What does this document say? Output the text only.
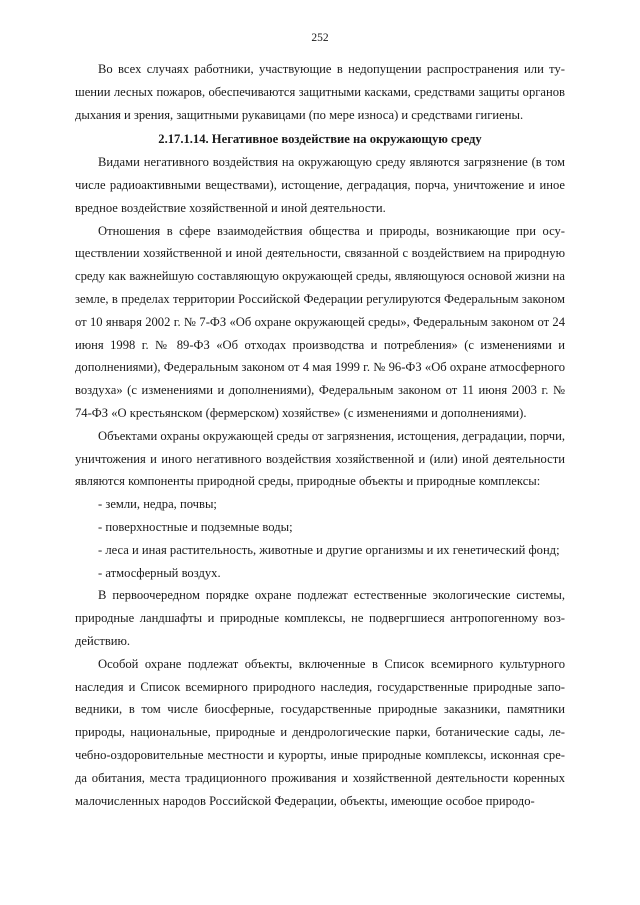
252

Во всех случаях работники, участвующие в недопущении распространения или тушении лесных пожаров, обеспечиваются защитными касками, средствами защиты органов дыхания и зрения, защитными рукавицами (по мере износа) и средствами гигиены.

2.17.1.14. Негативное воздействие на окружающую среду

Видами негативного воздействия на окружающую среду являются загрязнение (в том числе радиоактивными веществами), истощение, деградация, порча, уничтожение и иное вредное воздействие хозяйственной и иной деятельности.

Отношения в сфере взаимодействия общества и природы, возникающие при осуществлении хозяйственной и иной деятельности, связанной с воздействием на природную среду как важнейшую составляющую окружающей среды, являющуюся основой жизни на земле, в пределах территории Российской Федерации регулируются Федеральным законом от 10 января 2002 г. № 7-ФЗ «Об охране окружающей среды», Федеральным законом от 24 июня 1998 г. № 89-ФЗ «Об отходах производства и потребления» (с изменениями и дополнениями), Федеральным законом от 4 мая 1999 г. № 96-ФЗ «Об охране атмосферного воздуха» (с изменениями и дополнениями), Федеральным законом от 11 июня 2003 г. № 74-ФЗ «О крестьянском (фермерском) хозяйстве» (с изменениями и дополнениями).

Объектами охраны окружающей среды от загрязнения, истощения, деградации, порчи, уничтожения и иного негативного воздействия хозяйственной и (или) иной деятельности являются компоненты природной среды, природные объекты и природные комплексы:

- земли, недра, почвы;

- поверхностные и подземные воды;

- леса и иная растительность, животные и другие организмы и их генетический фонд;

- атмосферный воздух.

В первоочередном порядке охране подлежат естественные экологические системы, природные ландшафты и природные комплексы, не подвергшиеся антропогенному воздействию.

Особой охране подлежат объекты, включенные в Список всемирного культурного наследия и Список всемирного природного наследия, государственные природные заповедники, в том числе биосферные, государственные природные заказники, памятники природы, национальные, природные и дендрологические парки, ботанические сады, лечебно-оздоровительные местности и курорты, иные природные комплексы, исконная среда обитания, места традиционного проживания и хозяйственной деятельности коренных малочисленных народов Российской Федерации, объекты, имеющие особое природо-
